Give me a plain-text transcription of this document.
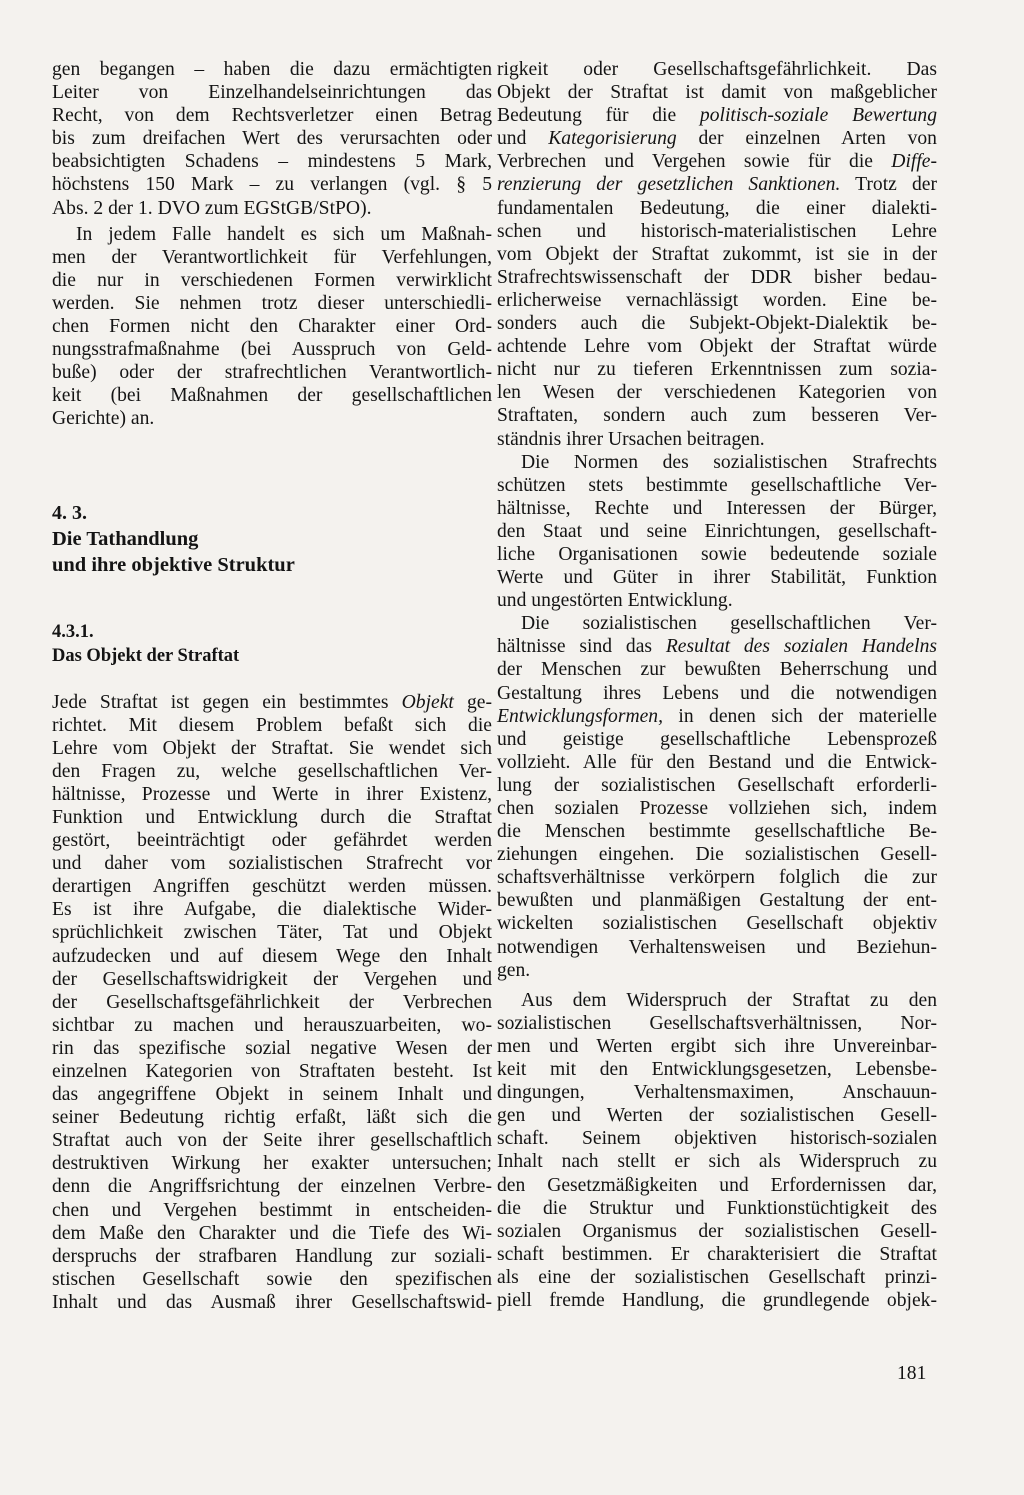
gen begangen – haben die dazu ermächtigten
Leiter von Einzelhandelseinrichtungen das
Recht, von dem Rechtsverletzer einen Betrag
bis zum dreifachen Wert des verursachten oder
beabsichtigten Schadens – mindestens 5 Mark,
höchstens 150 Mark – zu verlangen (vgl. § 5
Abs. 2 der 1. DVO zum EGStGB/StPO).

In jedem Falle handelt es sich um Maßnah-
men der Verantwortlichkeit für Verfehlungen,
die nur in verschiedenen Formen verwirklicht
werden. Sie nehmen trotz dieser unterschiedli-
chen Formen nicht den Charakter einer Ord-
nungsstrafmaßnahme (bei Ausspruch von Geld-
buße) oder der strafrechtlichen Verantwortlich-
keit (bei Maßnahmen der gesellschaftlichen
Gerichte) an.

4. 3.
Die Tathandlung
und ihre objektive Struktur
4.3.1.
Das Objekt der Straftat

Jede Straftat ist gegen ein bestimmtes Objekt ge-
richtet. Mit diesem Problem befaßt sich die
Lehre vom Objekt der Straftat. Sie wendet sich
den Fragen zu, welche gesellschaftlichen Ver-
hältnisse, Prozesse und Werte in ihrer Existenz,
Funktion und Entwicklung durch die Straftat
gestört, beeinträchtigt oder gefährdet werden
und daher vom sozialistischen Strafrecht vor
derartigen Angriffen geschützt werden müssen.
Es ist ihre Aufgabe, die dialektische Wider-
sprüchlichkeit zwischen Täter, Tat und Objekt
aufzudecken und auf diesem Wege den Inhalt
der Gesellschaftswidrigkeit der Vergehen und
der Gesellschaftsgefährlichkeit der Verbrechen
sichtbar zu machen und herauszuarbeiten, wo-
rin das spezifische sozial negative Wesen der
einzelnen Kategorien von Straftaten besteht. Ist
das angegriffene Objekt in seinem Inhalt und
seiner Bedeutung richtig erfaßt, läßt sich die
Straftat auch von der Seite ihrer gesellschaftlich
destruktiven Wirkung her exakter untersuchen;
denn die Angriffsrichtung der einzelnen Verbre-
chen und Vergehen bestimmt in entscheiden-
dem Maße den Charakter und die Tiefe des Wi-
derspruchs der strafbaren Handlung zur soziali-
stischen Gesellschaft sowie den spezifischen
Inhalt und das Ausmaß ihrer Gesellschaftswid-

rigkeit oder Gesellschaftsgefährlichkeit. Das
Objekt der Straftat ist damit von maßgeblicher
Bedeutung für die politisch-soziale Bewertung
und Kategorisierung der einzelnen Arten von
Verbrechen und Vergehen sowie für die Diffe-
renzierung der gesetzlichen Sanktionen. Trotz der
fundamentalen Bedeutung, die einer dialekti-
schen und historisch-materialistischen Lehre
vom Objekt der Straftat zukommt, ist sie in der
Strafrechtswissenschaft der DDR bisher bedau-
erlicherweise vernachlässigt worden. Eine be-
sonders auch die Subjekt-Objekt-Dialektik be-
achtende Lehre vom Objekt der Straftat würde
nicht nur zu tieferen Erkenntnissen zum sozia-
len Wesen der verschiedenen Kategorien von
Straftaten, sondern auch zum besseren Ver-
ständnis ihrer Ursachen beitragen.

Die Normen des sozialistischen Strafrechts
schützen stets bestimmte gesellschaftliche Ver-
hältnisse, Rechte und Interessen der Bürger,
den Staat und seine Einrichtungen, gesellschaft-
liche Organisationen sowie bedeutende soziale
Werte und Güter in ihrer Stabilität, Funktion
und ungestörten Entwicklung.

Die sozialistischen gesellschaftlichen Ver-
hältnisse sind das Resultat des sozialen Handelns
der Menschen zur bewußten Beherrschung und
Gestaltung ihres Lebens und die notwendigen
Entwicklungsformen, in denen sich der materielle
und geistige gesellschaftliche Lebensprozeß
vollzieht. Alle für den Bestand und die Entwick-
lung der sozialistischen Gesellschaft erforderli-
chen sozialen Prozesse vollziehen sich, indem
die Menschen bestimmte gesellschaftliche Be-
ziehungen eingehen. Die sozialistischen Gesell-
schaftsverhältnisse verkörpern folglich die zur
bewußten und planmäßigen Gestaltung der ent-
wickelten sozialistischen Gesellschaft objektiv
notwendigen Verhaltensweisen und Beziehun-
gen.

Aus dem Widerspruch der Straftat zu den
sozialistischen Gesellschaftsverhältnissen, Nor-
men und Werten ergibt sich ihre Unvereinbar-
keit mit den Entwicklungsgesetzen, Lebensbe-
dingungen, Verhaltensmaximen, Anschauun-
gen und Werten der sozialistischen Gesell-
schaft. Seinem objektiven historisch-sozialen
Inhalt nach stellt er sich als Widerspruch zu
den Gesetzmäßigkeiten und Erfordernissen dar,
die die Struktur und Funktionstüchtigkeit des
sozialen Organismus der sozialistischen Gesell-
schaft bestimmen. Er charakterisiert die Straftat
als eine der sozialistischen Gesellschaft prinzi-
piell fremde Handlung, die grundlegende objek-

181
